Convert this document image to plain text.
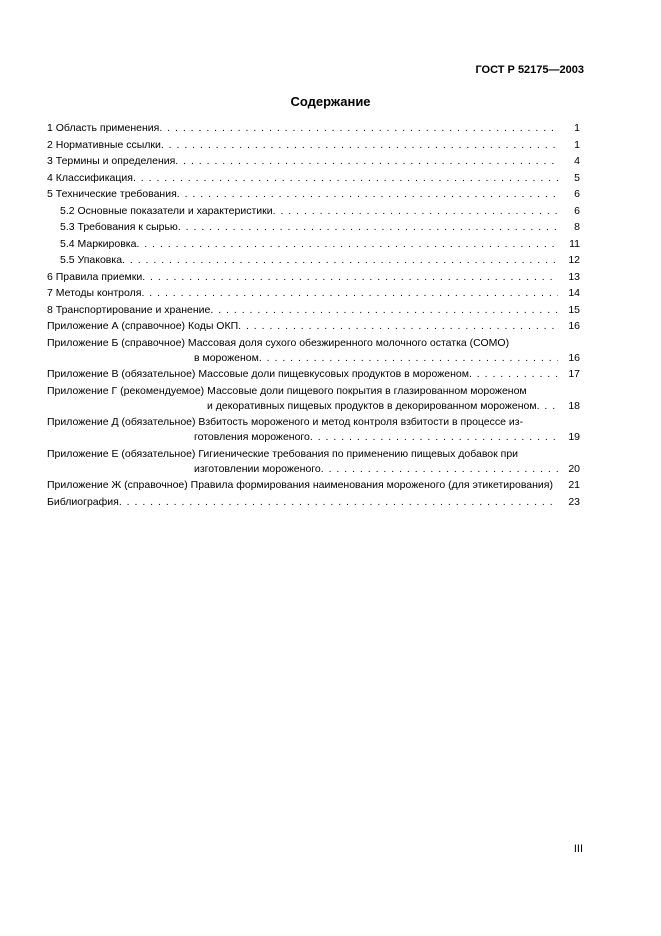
ГОСТ Р 52175—2003
Содержание
1 Область применения . . .	1
2 Нормативные ссылки . . .	1
3 Термины и определения . . .	4
4 Классификация . . .	5
5 Технические требования . . .	6
5.2 Основные показатели и характеристики . . .	6
5.3 Требования к сырью . . .	8
5.4 Маркировка . . .	11
5.5 Упаковка . . .	12
6 Правила приемки . . .	13
7 Методы контроля . . .	14
8 Транспортирование и хранение . . .	15
Приложение А (справочное) Коды ОКП . . .	16
Приложение Б (справочное) Массовая доля сухого обезжиренного молочного остатка (СОМО)
в мороженом . . .	16
Приложение В (обязательное) Массовые доли пищевкусовых продуктов в мороженом . . .	17
Приложение Г (рекомендуемое) Массовые доли пищевого покрытия в глазированном мороженом
и декоративных пищевых продуктов в декорированном мороженом . . .	18
Приложение Д (обязательное) Взбитость мороженого и метод контроля взбитости в процессе из-
готовления мороженого . . .	19
Приложение Е (обязательное) Гигиенические требования по применению пищевых добавок при
изготовлении мороженого . . .	20
Приложение Ж (справочное) Правила формирования наименования мороженого (для этикетирования)	21
Библиография . . .	23
III
